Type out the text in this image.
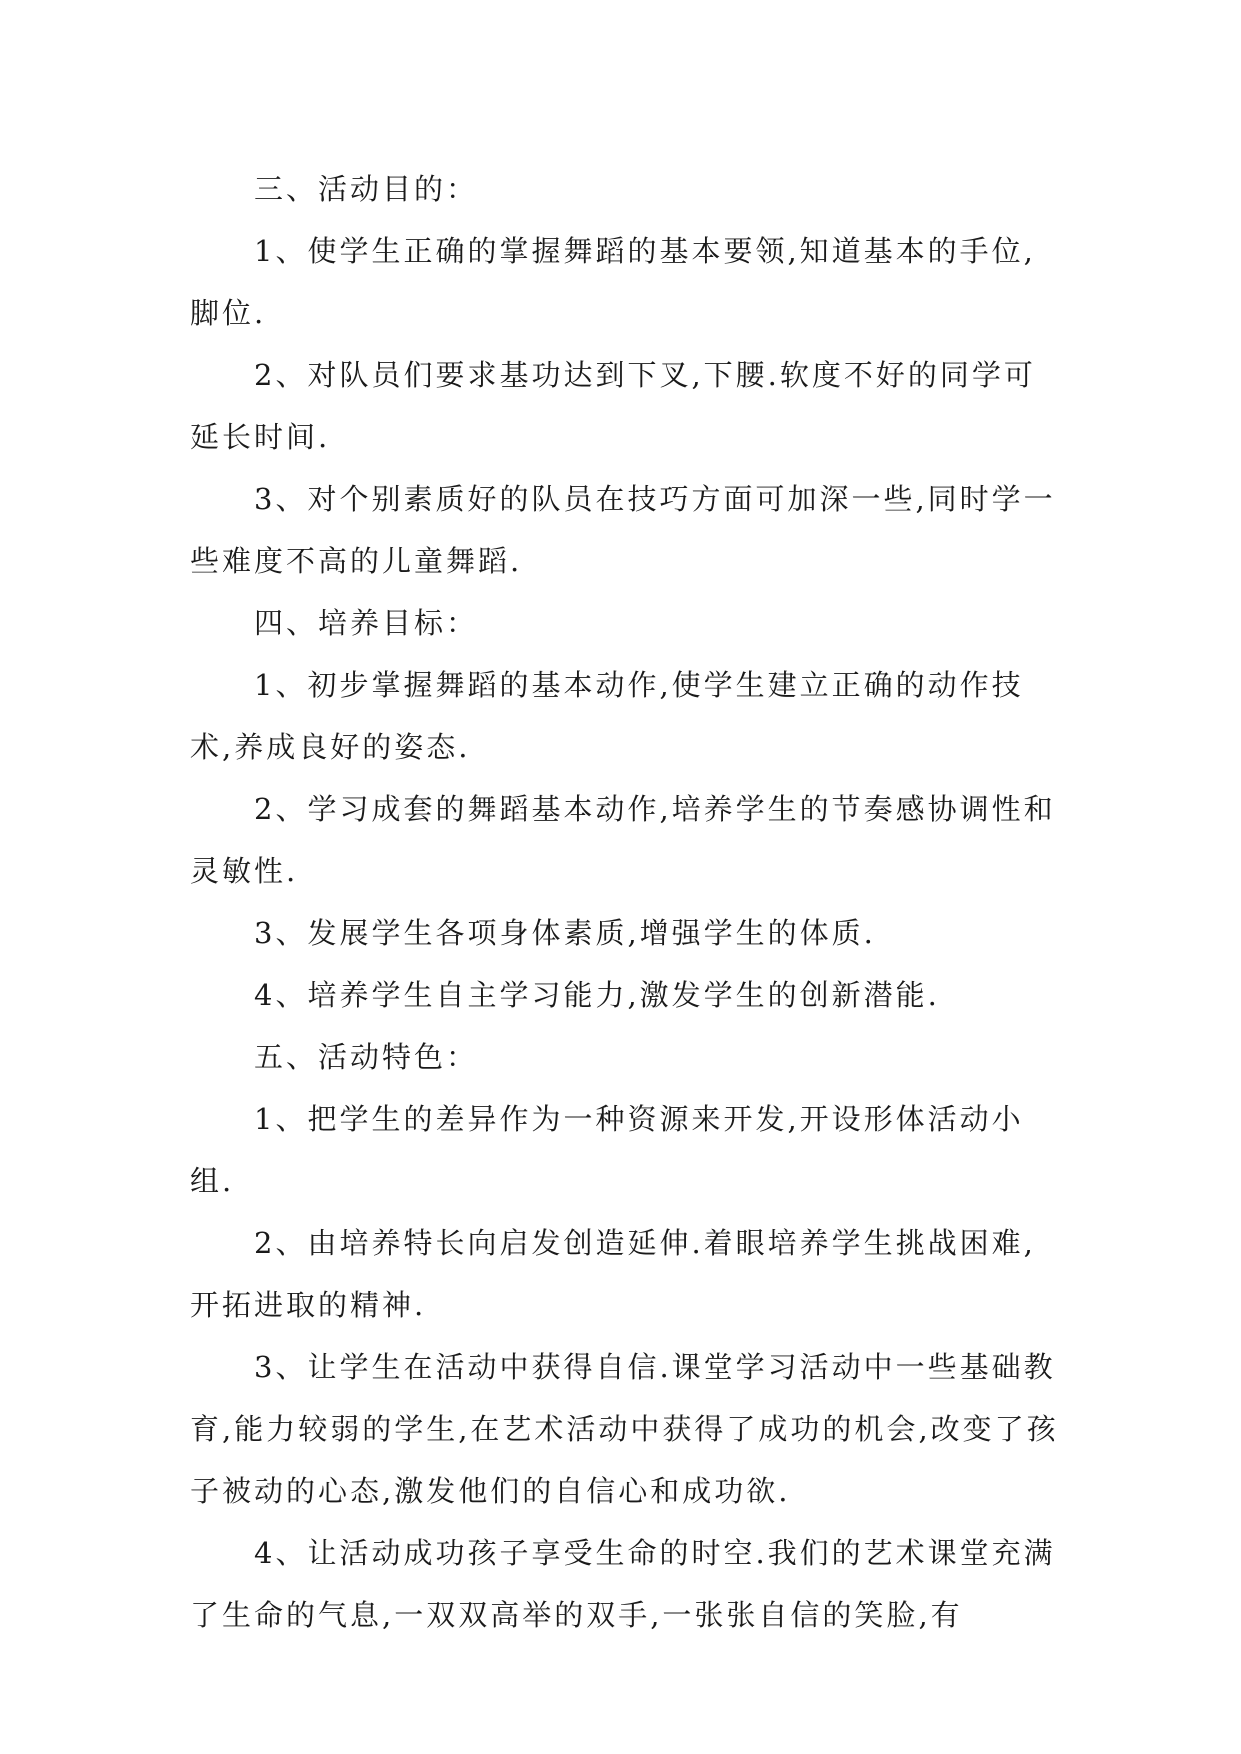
三、活动目的：

1、使学生正确的掌握舞蹈的基本要领,知道基本的手位,脚位.

2、对队员们要求基功达到下叉,下腰.软度不好的同学可延长时间.

3、对个别素质好的队员在技巧方面可加深一些,同时学一些难度不高的儿童舞蹈.

四、培养目标：

1、初步掌握舞蹈的基本动作,使学生建立正确的动作技术,养成良好的姿态.

2、学习成套的舞蹈基本动作,培养学生的节奏感协调性和灵敏性.

3、发展学生各项身体素质,增强学生的体质.

4、培养学生自主学习能力,激发学生的创新潜能.

五、活动特色：

1、把学生的差异作为一种资源来开发,开设形体活动小组.

2、由培养特长向启发创造延伸.着眼培养学生挑战困难,开拓进取的精神.

3、让学生在活动中获得自信.课堂学习活动中一些基础教育,能力较弱的学生,在艺术活动中获得了成功的机会,改变了孩子被动的心态,激发他们的自信心和成功欲.

4、让活动成功孩子享受生命的时空.我们的艺术课堂充满了生命的气息,一双双高举的双手,一张张自信的笑脸,有
